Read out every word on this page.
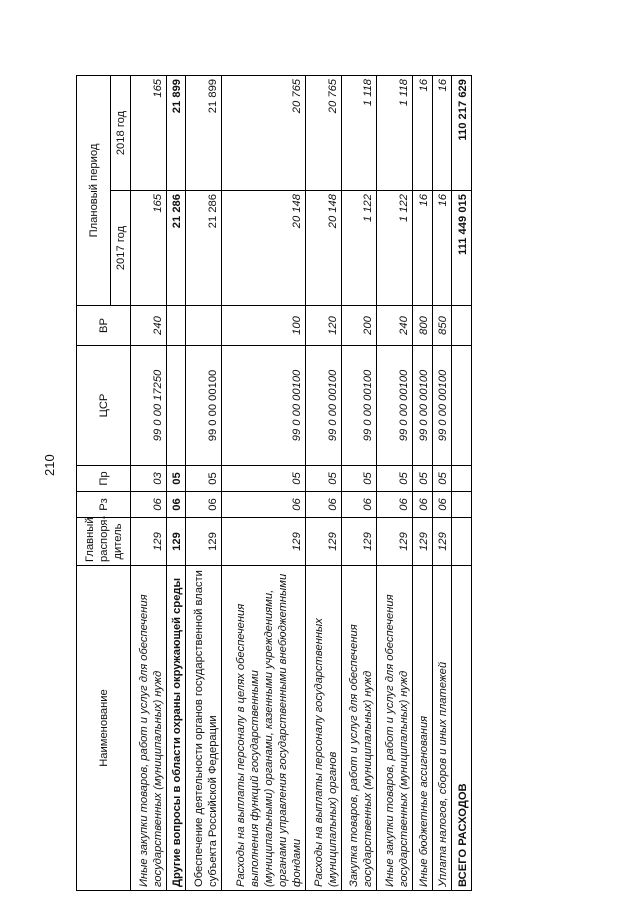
210
Наименование	Главный распоря-дитель	Рз	Пр	ЦСР	ВР	Плановый период	
						2017 год	2018 год
Иные закупки товаров, работ и услуг для обеспечения государственных (муниципальных) нужд	129	06	03	99 0 00 17250	240	165	165
Другие вопросы в области охраны окружающей среды	129	06	05			21 286	21 899
Обеспечение деятельности органов государственной власти субъекта Российской Федерации	129	06	05	99 0 00 00100		21 286	21 899
Расходы на выплаты персоналу в целях обеспечения выполнения функций государственными (муниципальными) органами, казенными учреждениями, органами управления государственными внебюджетными фондами	129	06	05	99 0 00 00100	100	20 148	20 765
Расходы на выплаты персоналу государственных (муниципальных) органов	129	06	05	99 0 00 00100	120	20 148	20 765
Закупка товаров, работ и услуг для обеспечения государственных (муниципальных) нужд	129	06	05	99 0 00 00100	200	1 122	1 118
Иные закупки товаров, работ и услуг для обеспечения государственных (муниципальных) нужд	129	06	05	99 0 00 00100	240	1 122	1 118
Иные бюджетные ассигнования	129	06	05	99 0 00 00100	800	16	16
Уплата налогов, сборов и иных платежей	129	06	05	99 0 00 00100	850	16	16
ВСЕГО РАСХОДОВ						111 449 015	110 217 629
